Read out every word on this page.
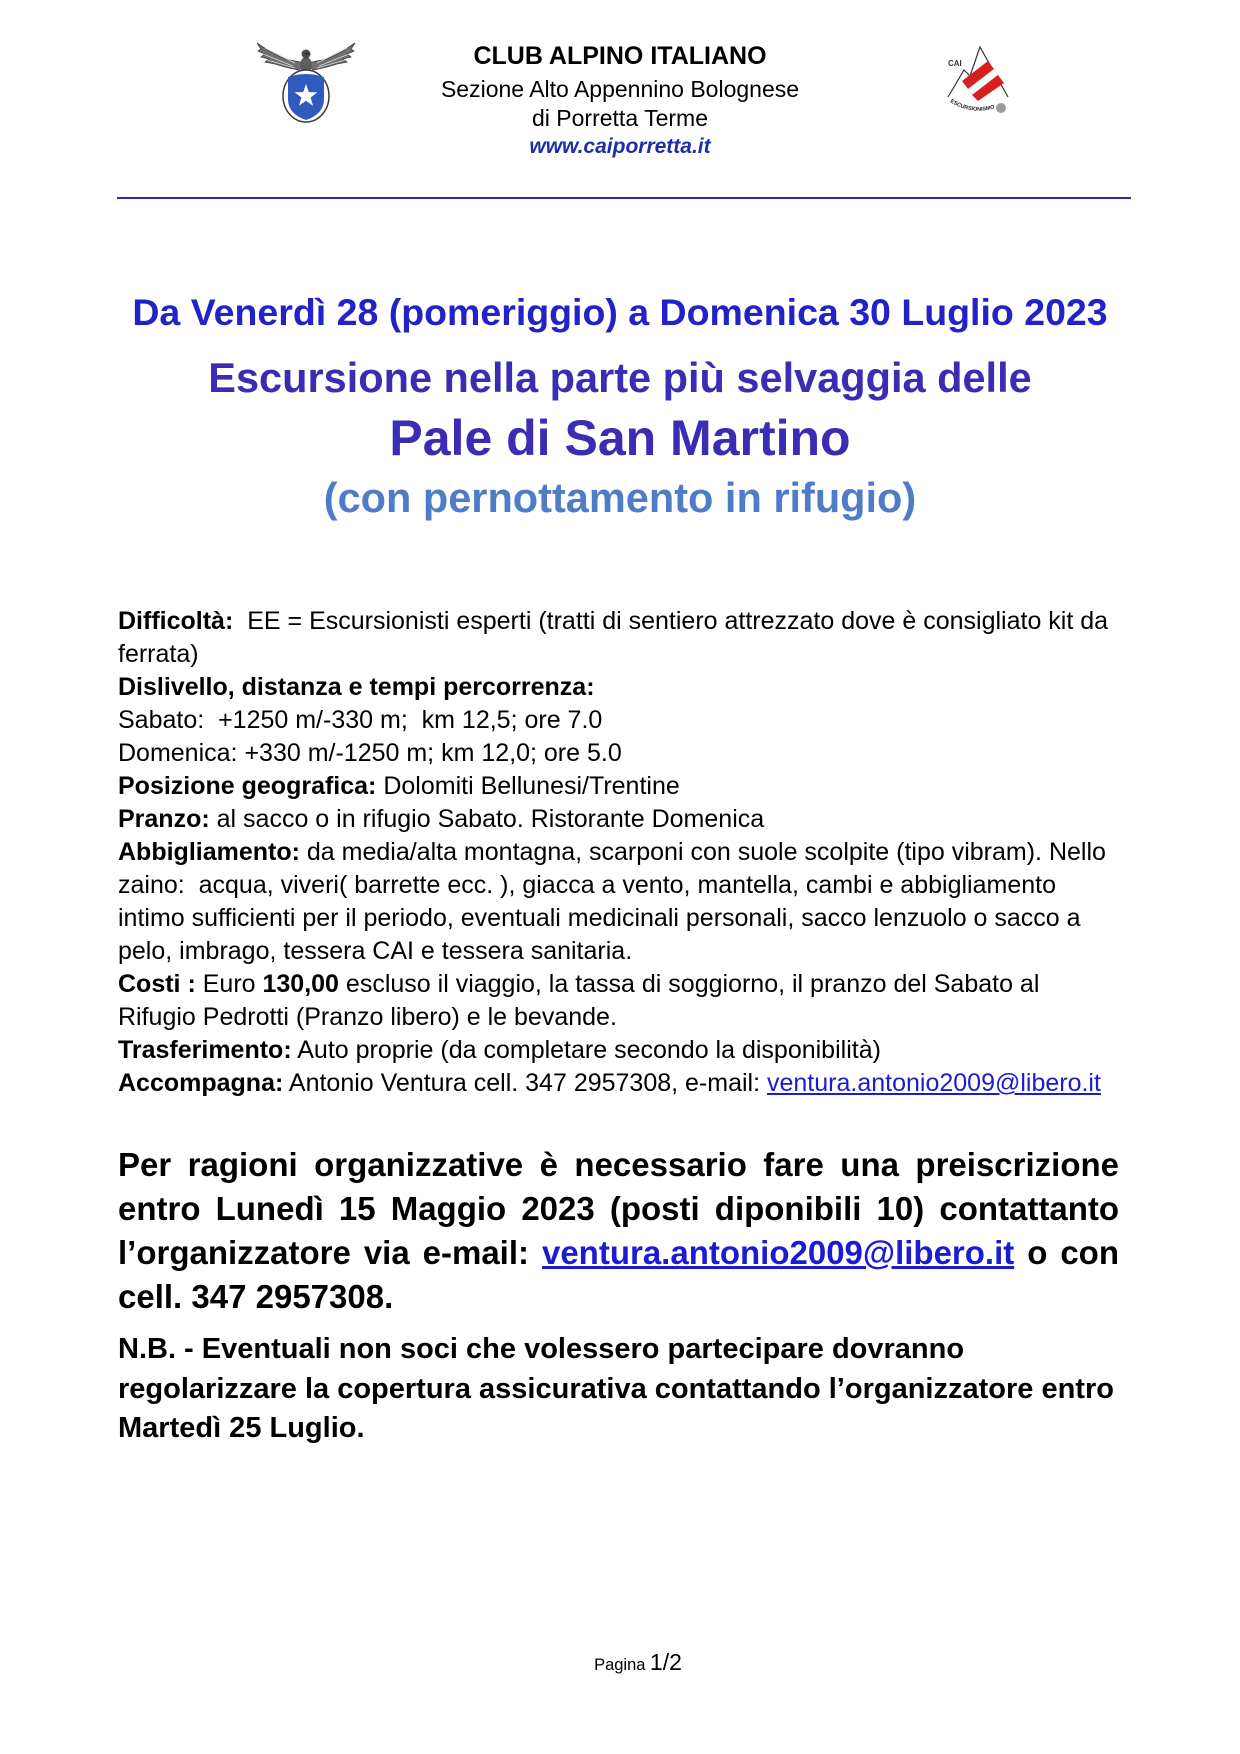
CLUB ALPINO ITALIANO
Sezione Alto Appennino Bolognese
di Porretta Terme
www.caiporretta.it
CAI
ESCURSIONISMO
Da Venerdì 28 (pomeriggio) a Domenica 30 Luglio 2023
Escursione nella parte più selvaggia delle
Pale di San Martino
(con pernottamento in rifugio)
Difficoltà: EE = Escursionisti esperti (tratti di sentiero attrezzato dove è consigliato kit da
ferrata)
Dislivello, distanza e tempi percorrenza:
Sabato:  +1250 m/-330 m;  km 12,5; ore 7.0
Domenica: +330 m/-1250 m; km 12,0; ore 5.0
Posizione geografica: Dolomiti Bellunesi/Trentine
Pranzo: al sacco o in rifugio Sabato. Ristorante Domenica
Abbigliamento: da media/alta montagna, scarponi con suole scolpite (tipo vibram). Nello
zaino:  acqua, viveri( barrette ecc. ), giacca a vento, mantella, cambi e abbigliamento
intimo sufficienti per il periodo, eventuali medicinali personali, sacco lenzuolo o sacco a
pelo, imbrago, tessera CAI e tessera sanitaria.
Costi : Euro 130,00 escluso il viaggio, la tassa di soggiorno, il pranzo del Sabato al
Rifugio Pedrotti (Pranzo libero) e le bevande.
Trasferimento: Auto proprie (da completare secondo la disponibilità)
Accompagna: Antonio Ventura cell. 347 2957308, e-mail: ventura.antonio2009@libero.it
Per ragioni organizzative è necessario fare una preiscrizione
entro Lunedì 15 Maggio 2023 (posti diponibili 10) contattanto
l’organizzatore via e-mail: ventura.antonio2009@libero.it o con
cell. 347 2957308.
N.B. - Eventuali non soci che volessero partecipare dovranno
regolarizzare la copertura assicurativa contattando l’organizzatore entro
Martedì 25 Luglio.
Pagina 1/2
